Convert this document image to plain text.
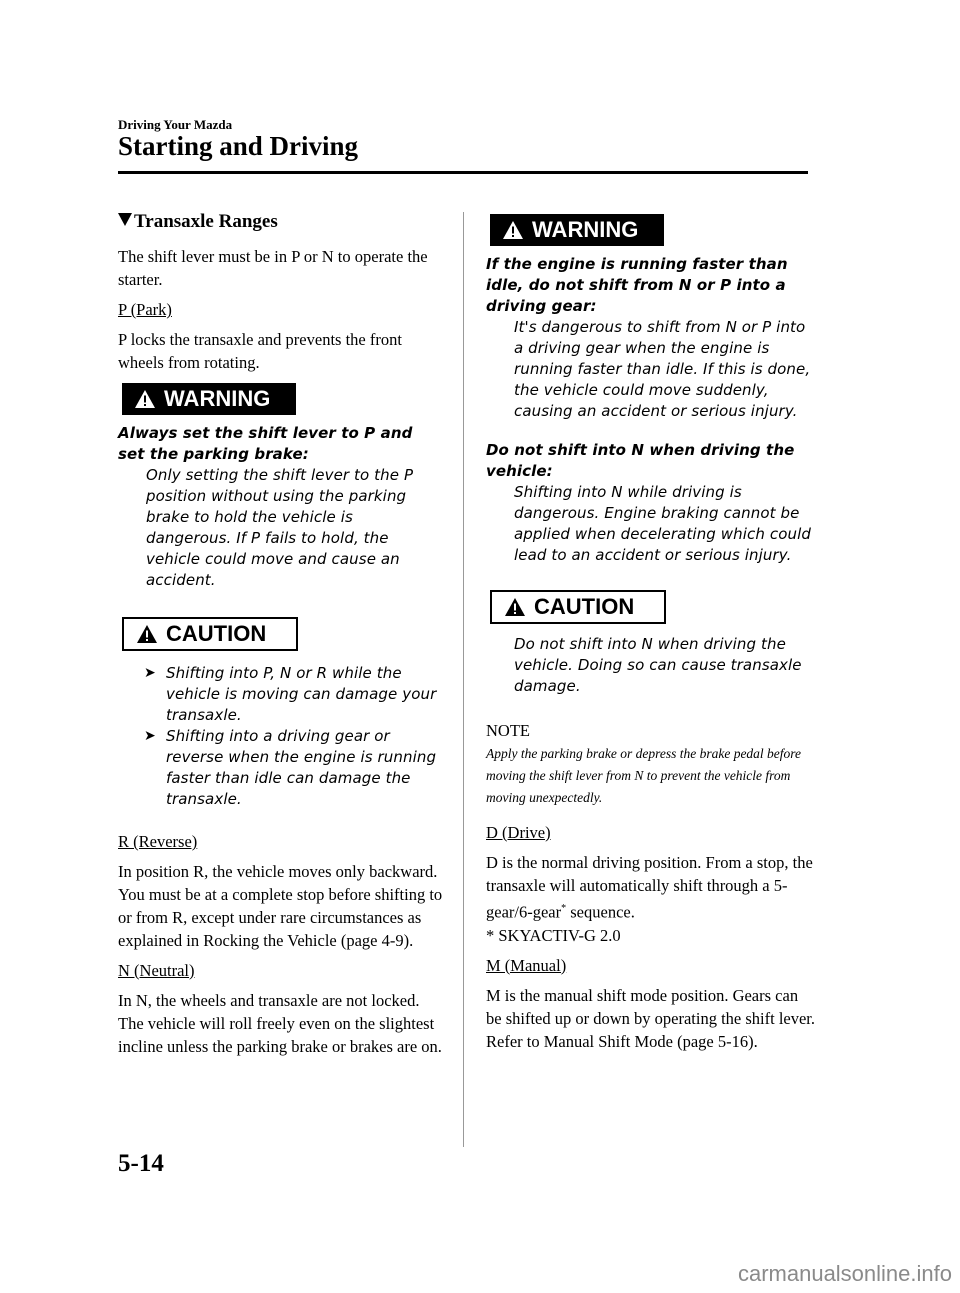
Driving Your Mazda
Starting and Driving
Transaxle Ranges

The shift lever must be in P or N to operate the starter.

P (Park)

P locks the transaxle and prevents the front wheels from rotating.

WARNING
Always set the shift lever to P and set the parking brake:
Only setting the shift lever to the P position without using the parking brake to hold the vehicle is dangerous. If P fails to hold, the vehicle could move and cause an accident.
CAUTION
➤ Shifting into P, N or R while the vehicle is moving can damage your transaxle.
➤ Shifting into a driving gear or reverse when the engine is running faster than idle can damage the transaxle.
R (Reverse)

In position R, the vehicle moves only backward. You must be at a complete stop before shifting to or from R, except under rare circumstances as explained in Rocking the Vehicle (page 4-9).

N (Neutral)

In N, the wheels and transaxle are not locked. The vehicle will roll freely even on the slightest incline unless the parking brake or brakes are on.

WARNING
If the engine is running faster than idle, do not shift from N or P into a driving gear:
It's dangerous to shift from N or P into a driving gear when the engine is running faster than idle. If this is done, the vehicle could move suddenly, causing an accident or serious injury.
Do not shift into N when driving the vehicle:
Shifting into N while driving is dangerous. Engine braking cannot be applied when decelerating which could lead to an accident or serious injury.
CAUTION
Do not shift into N when driving the vehicle. Doing so can cause transaxle damage.
NOTE
Apply the parking brake or depress the brake pedal before moving the shift lever from N to prevent the vehicle from moving unexpectedly.
D (Drive)

D is the normal driving position. From a stop, the transaxle will automatically shift through a 5-gear/6-gear* sequence.

* SKYACTIV-G 2.0

M (Manual)

M is the manual shift mode position. Gears can be shifted up or down by operating the shift lever.

Refer to Manual Shift Mode (page 5-16).

5-14
carmanualsonline.info
